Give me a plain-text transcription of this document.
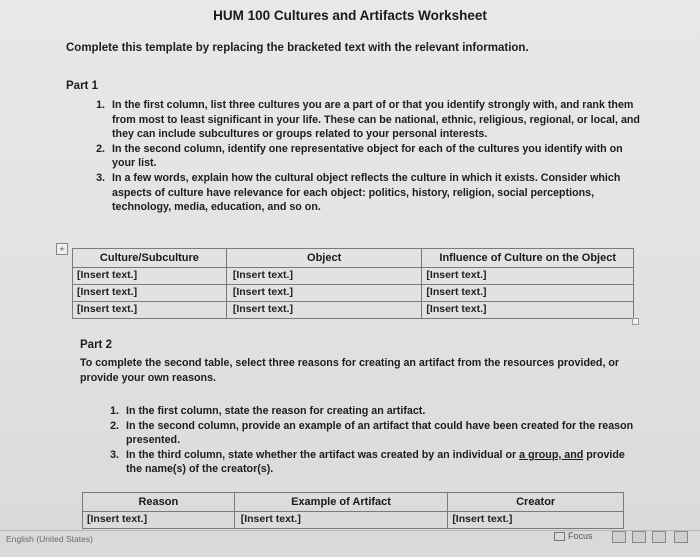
HUM 100 Cultures and Artifacts Worksheet
Complete this template by replacing the bracketed text with the relevant information.
Part 1
1. In the first column, list three cultures you are a part of or that you identify strongly with, and rank them from most to least significant in your life. These can be national, ethnic, religious, regional, or local, and they can include subcultures or groups related to your personal interests.
2. In the second column, identify one representative object for each of the cultures you identify with on your list.
3. In a few words, explain how the cultural object reflects the culture in which it exists. Consider which aspects of culture have relevance for each object: politics, history, religion, social perceptions, technology, media, education, and so on.
+
Culture/Subculture	Object	Influence of Culture on the Object
[Insert text.]	[Insert text.]	[Insert text.]
[Insert text.]	[Insert text.]	[Insert text.]
[Insert text.]	[Insert text.]	[Insert text.]
Part 2
To complete the second table, select three reasons for creating an artifact from the resources provided, or provide your own reasons.
1. In the first column, state the reason for creating an artifact.
2. In the second column, provide an example of an artifact that could have been created for the reason presented.
3. In the third column, state whether the artifact was created by an individual or a group, and provide the name(s) of the creator(s).
Reason	Example of Artifact	Creator
[Insert text.]	[Insert text.]	[Insert text.]
English (United States)	Focus
